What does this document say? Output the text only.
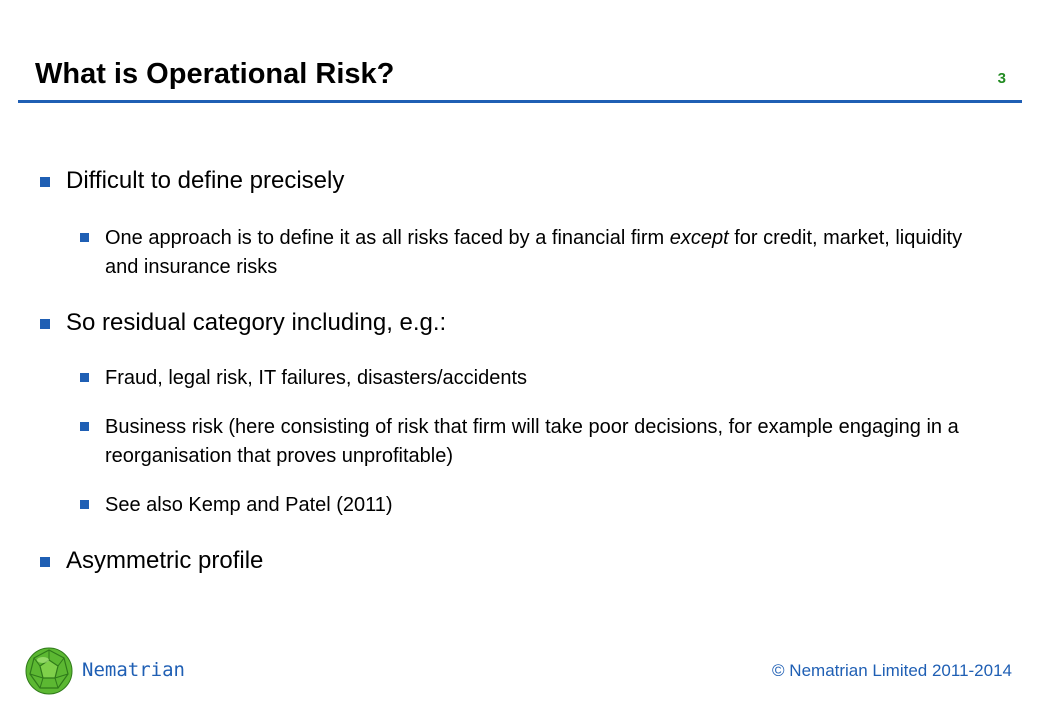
What is Operational Risk?	3
Difficult to define precisely
One approach is to define it as all risks faced by a financial firm except for credit, market, liquidity and insurance risks
So residual category including, e.g.:
Fraud, legal risk, IT failures, disasters/accidents
Business risk (here consisting of risk that firm will take poor decisions, for example engaging in a reorganisation that proves unprofitable)
See also Kemp and Patel (2011)
Asymmetric profile
Nematrian	© Nematrian Limited 2011-2014
